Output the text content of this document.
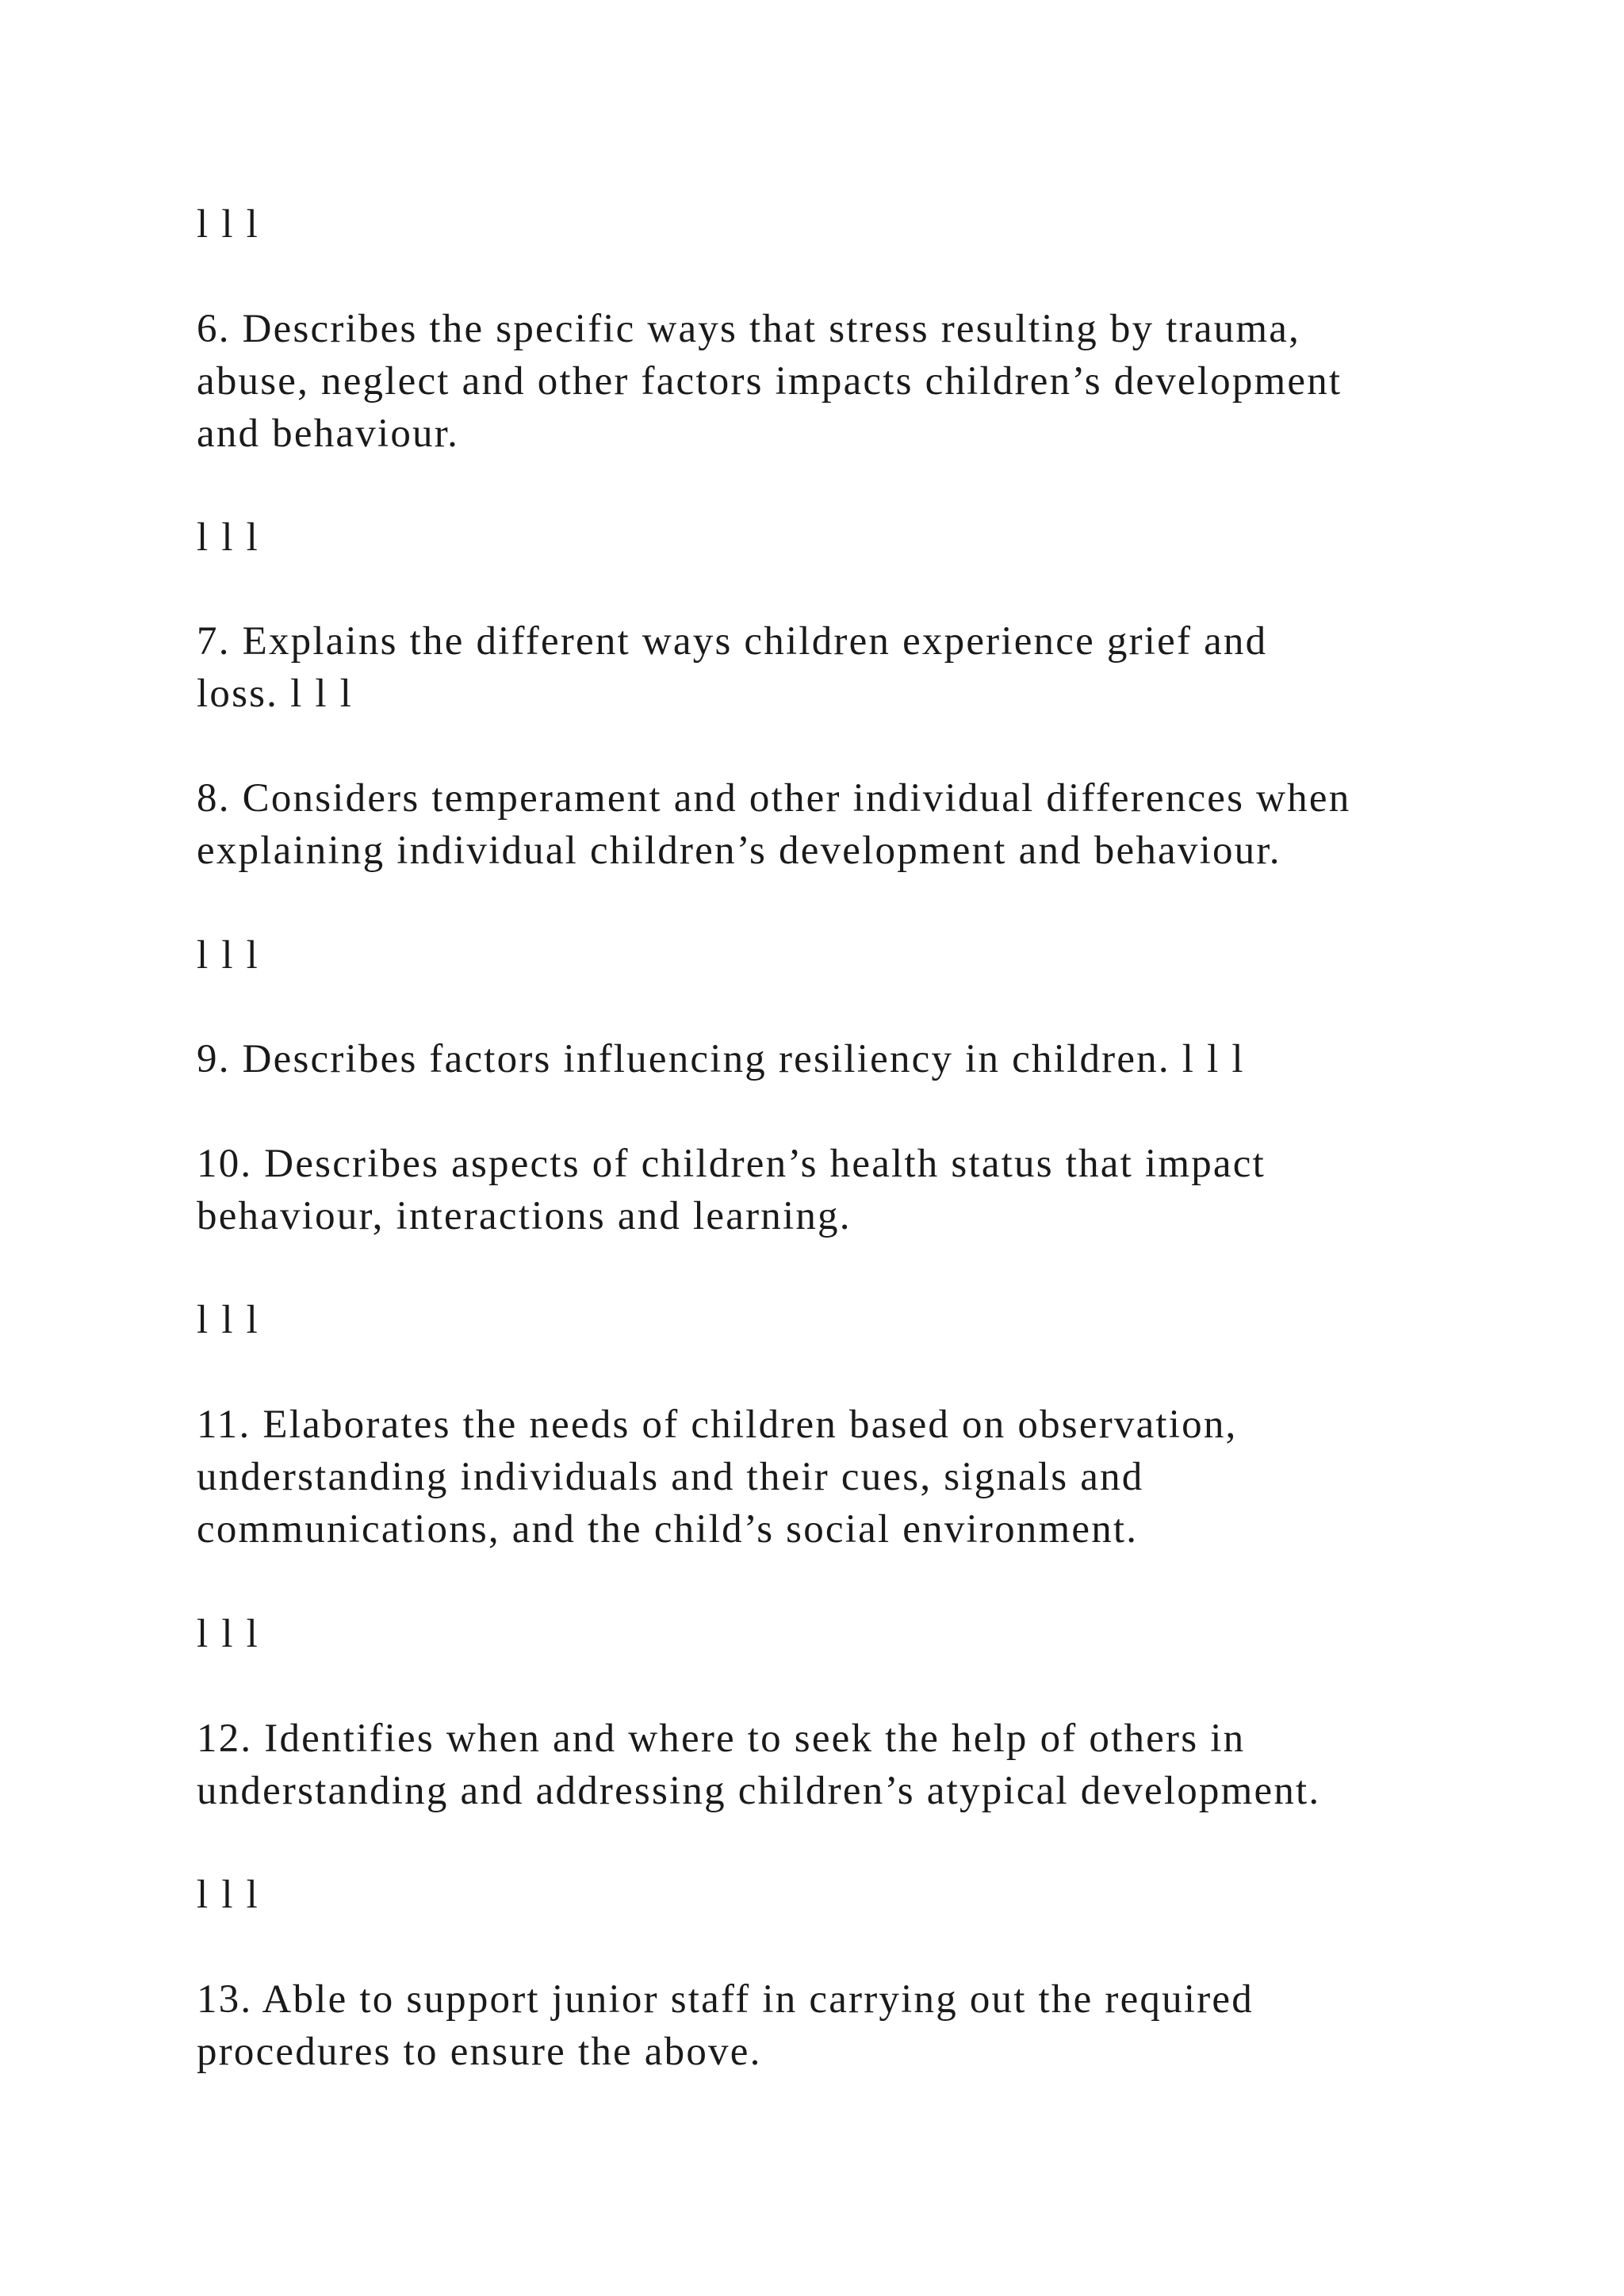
l l l

6. Describes the specific ways that stress resulting by trauma,

abuse, neglect and other factors impacts children’s development

and behaviour.

l l l

7. Explains the different ways children experience grief and

loss. l l l

8. Considers temperament and other individual differences when

explaining individual children’s development and behaviour.

l l l

9. Describes factors influencing resiliency in children. l l l

10. Describes aspects of children’s health status that impact

behaviour, interactions and learning.

l l l

11. Elaborates the needs of children based on observation,

understanding individuals and their cues, signals and

communications, and the child’s social environment.

l l l

12. Identifies when and where to seek the help of others in

understanding and addressing children’s atypical development.

l l l

13. Able to support junior staff in carrying out the required

procedures to ensure the above.
